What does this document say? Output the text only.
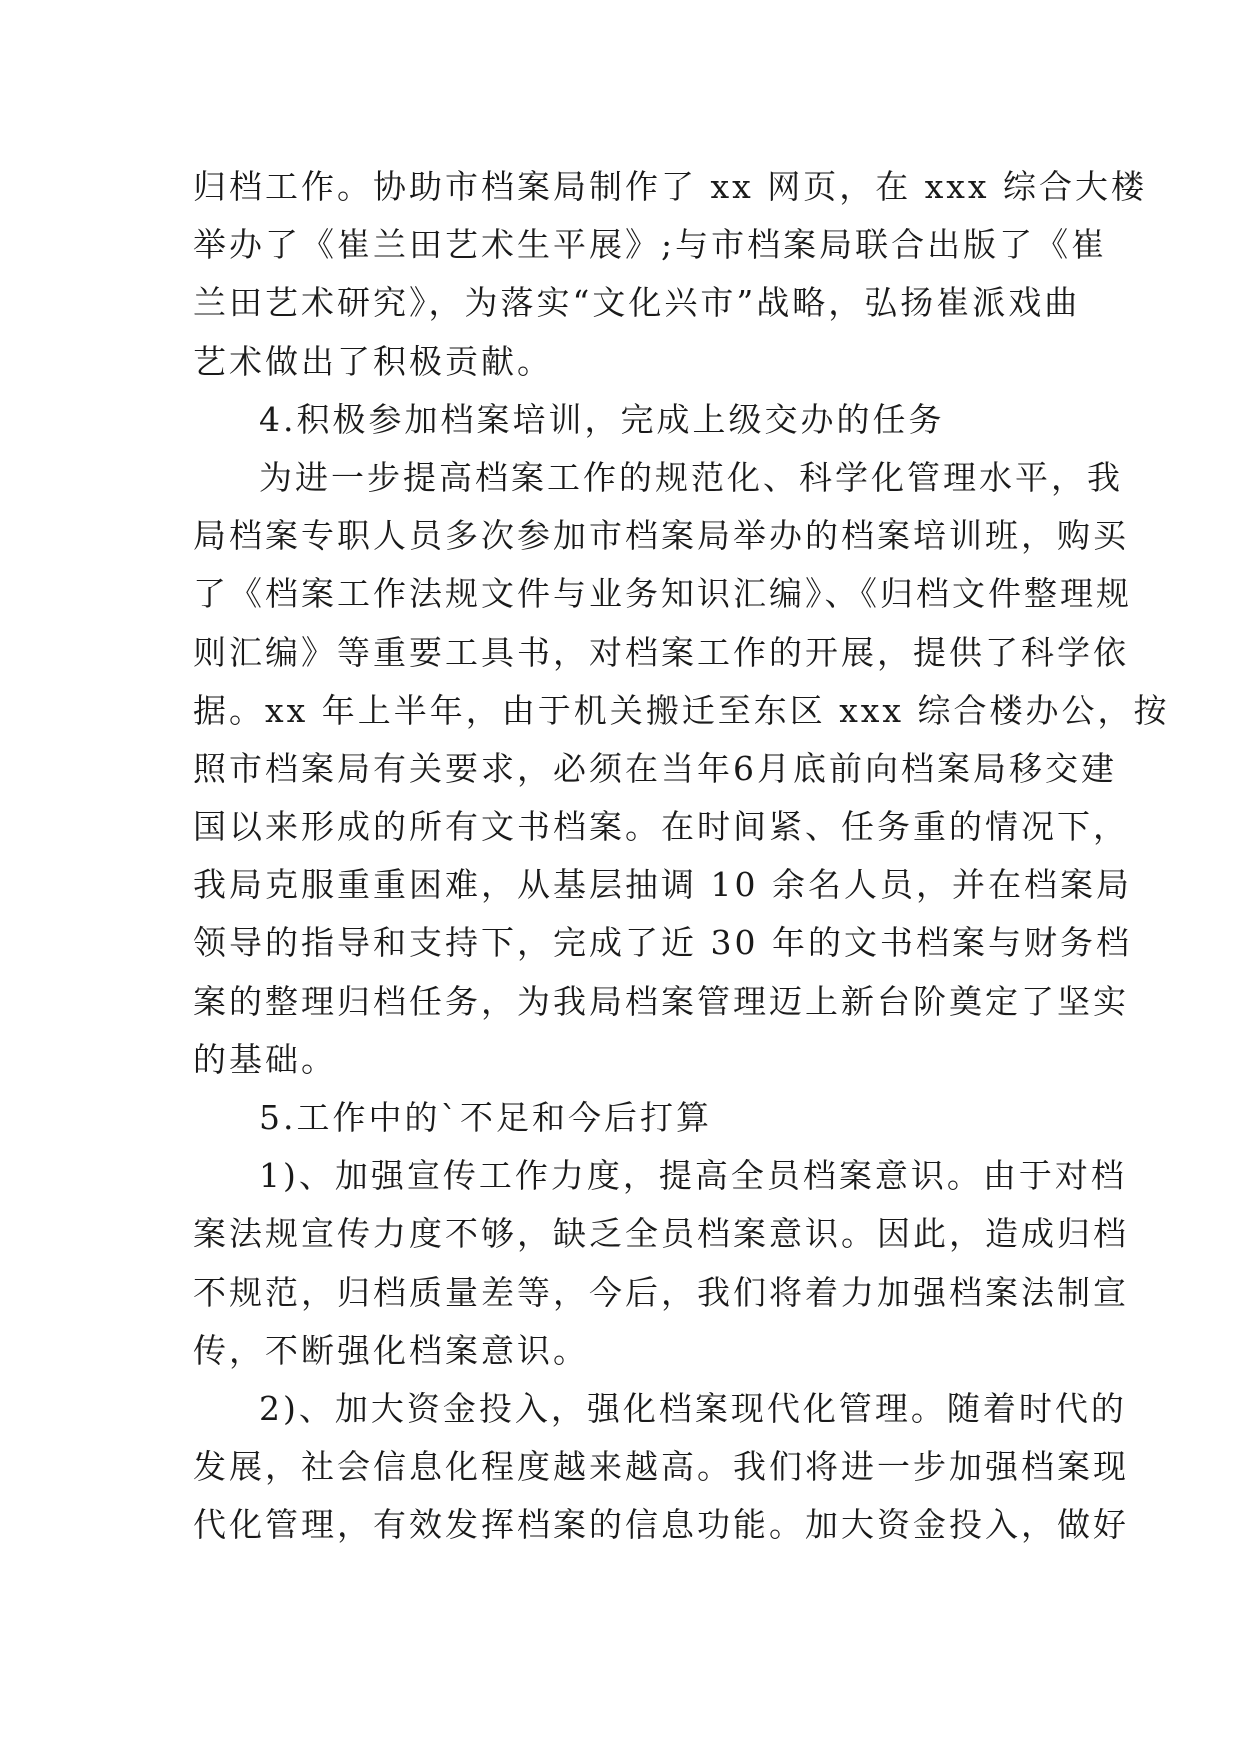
归档工作。协助市档案局制作了 xx 网页，在 xxx 综合大楼
举办了《崔兰田艺术生平展》;与市档案局联合出版了《崔
兰田艺术研究》，为落实“文化兴市”战略，弘扬崔派戏曲
艺术做出了积极贡献。
4.积极参加档案培训，完成上级交办的任务
为进一步提高档案工作的规范化、科学化管理水平，我
局档案专职人员多次参加市档案局举办的档案培训班，购买
了《档案工作法规文件与业务知识汇编》、《归档文件整理规
则汇编》等重要工具书，对档案工作的开展，提供了科学依
据。xx 年上半年，由于机关搬迁至东区 xxx 综合楼办公，按
照市档案局有关要求，必须在当年6月底前向档案局移交建
国以来形成的所有文书档案。在时间紧、任务重的情况下，
我局克服重重困难，从基层抽调 10 余名人员，并在档案局
领导的指导和支持下，完成了近 30 年的文书档案与财务档
案的整理归档任务，为我局档案管理迈上新台阶奠定了坚实
的基础。
5.工作中的`不足和今后打算
1)、加强宣传工作力度，提高全员档案意识。由于对档
案法规宣传力度不够，缺乏全员档案意识。因此，造成归档
不规范，归档质量差等，今后，我们将着力加强档案法制宣
传，不断强化档案意识。
2)、加大资金投入，强化档案现代化管理。随着时代的
发展，社会信息化程度越来越高。我们将进一步加强档案现
代化管理，有效发挥档案的信息功能。加大资金投入，做好
